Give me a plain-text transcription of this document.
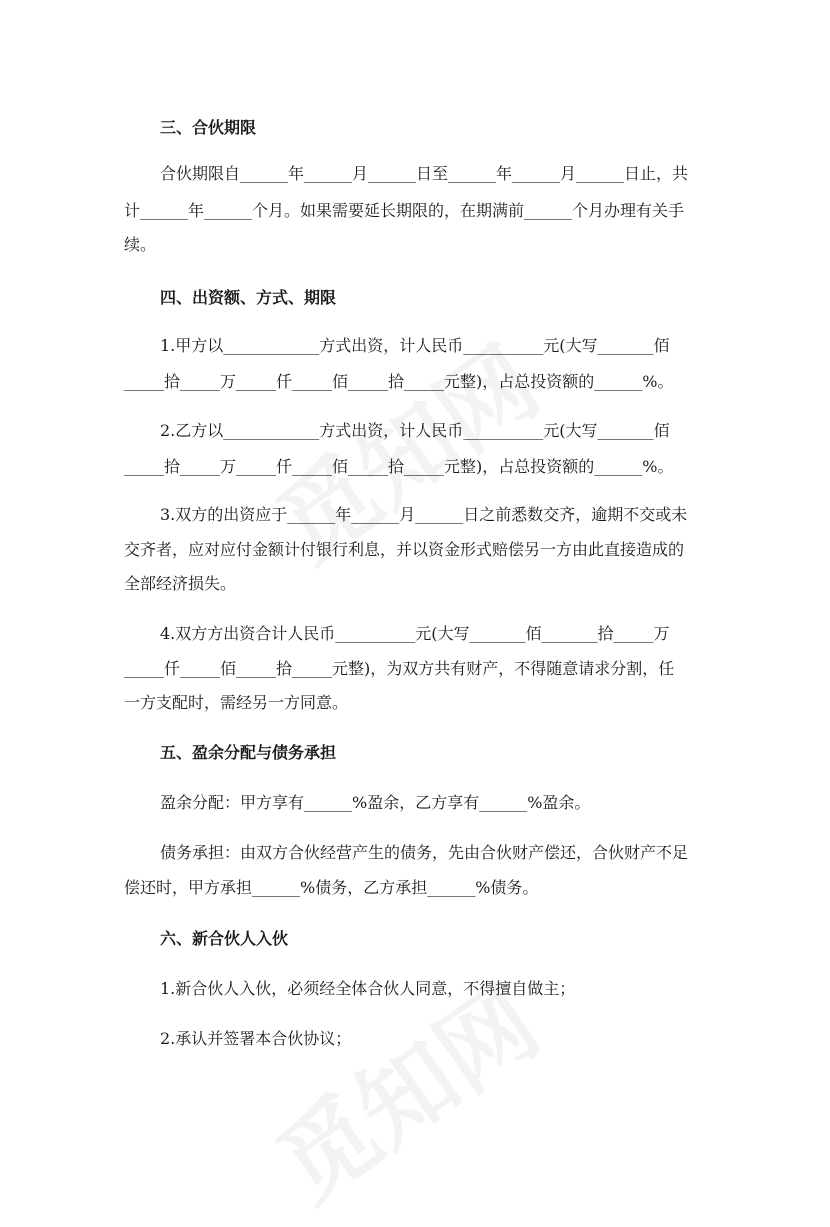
三、合伙期限
合伙期限自______年______月______日至______年______月______日止，共
计______年______个月。如果需要延长期限的，在期满前______个月办理有关手
续。
四、出资额、方式、期限
1.甲方以____________方式出资，计人民币__________元(大写_______佰
_____拾_____万_____仟_____佰_____拾_____元整)，占总投资额的______%。
2.乙方以____________方式出资，计人民币__________元(大写_______佰
_____拾_____万_____仟_____佰_____拾_____元整)，占总投资额的______%。
3.双方的出资应于______年______月______日之前悉数交齐，逾期不交或未
交齐者，应对应付金额计付银行利息，并以资金形式赔偿另一方由此直接造成的
全部经济损失。
4.双方方出资合计人民币__________元(大写_______佰_______拾_____万
_____仟_____佰_____拾_____元整)，为双方共有财产，不得随意请求分割，任
一方支配时，需经另一方同意。
五、盈余分配与债务承担
盈余分配：甲方享有______%盈余，乙方享有______%盈余。
债务承担：由双方合伙经营产生的债务，先由合伙财产偿还，合伙财产不足
偿还时，甲方承担______%债务，乙方承担______%债务。
六、新合伙人入伙
1.新合伙人入伙，必须经全体合伙人同意，不得擅自做主；
2.承认并签署本合伙协议；
